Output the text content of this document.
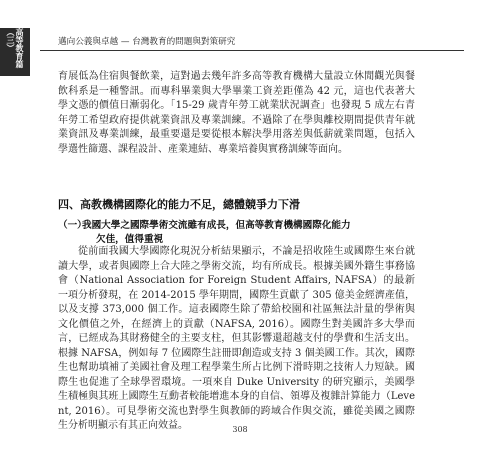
高等教育篇（三）	邁向公義與卓越 — 台灣教育的問題與對策研究

育展低為住宿與餐飲業，這對過去幾年許多高等教育機構大量設立休閒觀光與餐飲科系是一種警訊。而專科畢業與大學畢業工資差距僅為 42 元，這也代表著大學文憑的價值日漸弱化。「15-29 歲青年勞工就業狀況調查」也發現 5 成左右青年勞工希望政府提供就業資訊及專業訓練。不過除了在學與離校期間提供青年就業資訊及專業訓練，最重要還是要從根本解決學用落差與低薪就業問題，包括入學選性篩選、課程設計、產業連結、專業培養與實務訓練等面向。

四、高教機構國際化的能力不足，總體競爭力下滑
（一）我國大學之國際學術交流雖有成長，但高等教育機構國際化能力
欠佳，值得重視

從前面我國大學國際化現況分析結果顯示，不論是招收陸生或國際生來台就讀大學，或者與國際上合大陸之學術交流，均有所成長。根據美國外籍生事務協會（National Association for Foreign Student Affairs, NAFSA）的最新一項分析發現，在 2014-2015 學年期間，國際生貢獻了 305 億美金經濟產值，以及支撐 373,000 個工作。這表國際生除了帶給校園和社區無法計量的學術與文化價值之外，在經濟上的貢獻（NAFSA, 2016）。國際生對美國許多大學而言，已經成為其財務健全的主要支柱，但其影響還超越支付的學費和生活支出。根據 NAFSA，例如每 7 位國際生註冊即創造或支持 3 個美國工作。其次，國際生也幫助填補了美國社會及理工程學業生所占比例下滑時期之技術人力短缺。國際生也促進了全球學習環境。一項來自 Duke University 的研究顯示，美國學生積極與其班上國際生互動者較能增進本身的自信、領導及複雜計算能力（Levent, 2016）。可見學術交流也對學生與教師的跨域合作與交流，雖從美國之國際生分析明顯示有其正向效益。	308
